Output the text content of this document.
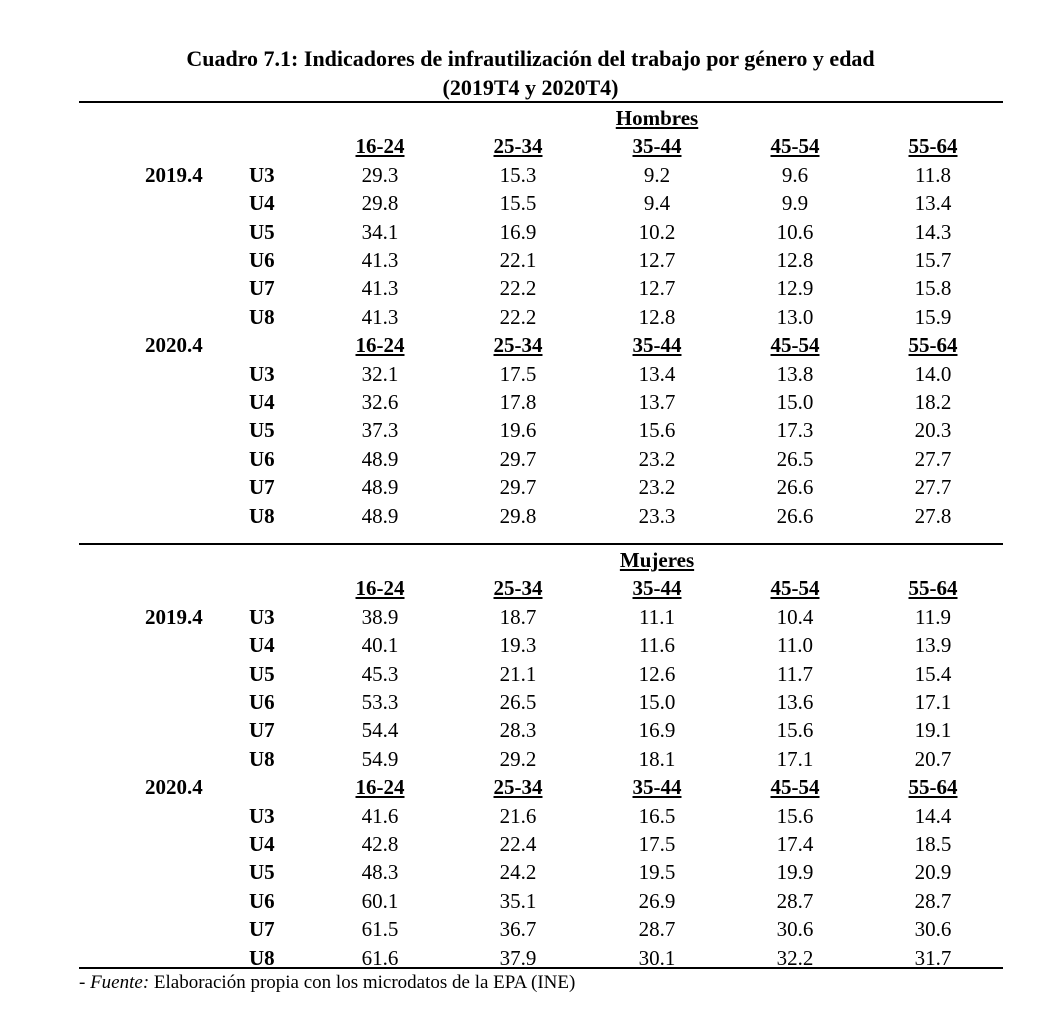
Cuadro 7.1: Indicadores de infrautilización del trabajo por género y edad
(2019T4 y 2020T4)
Hombres
16-24	25-34	35-44	45-54	55-64
2019.4 U3	29.3	15.3	9.2	9.6	11.8
U4	29.8	15.5	9.4	9.9	13.4
U5	34.1	16.9	10.2	10.6	14.3
U6	41.3	22.1	12.7	12.8	15.7
U7	41.3	22.2	12.7	12.9	15.8
U8	41.3	22.2	12.8	13.0	15.9
2020.4	16-24	25-34	35-44	45-54	55-64
U3	32.1	17.5	13.4	13.8	14.0
U4	32.6	17.8	13.7	15.0	18.2
U5	37.3	19.6	15.6	17.3	20.3
U6	48.9	29.7	23.2	26.5	27.7
U7	48.9	29.7	23.2	26.6	27.7
U8	48.9	29.8	23.3	26.6	27.8
Mujeres
16-24	25-34	35-44	45-54	55-64
2019.4 U3	38.9	18.7	11.1	10.4	11.9
U4	40.1	19.3	11.6	11.0	13.9
U5	45.3	21.1	12.6	11.7	15.4
U6	53.3	26.5	15.0	13.6	17.1
U7	54.4	28.3	16.9	15.6	19.1
U8	54.9	29.2	18.1	17.1	20.7
2020.4	16-24	25-34	35-44	45-54	55-64
U3	41.6	21.6	16.5	15.6	14.4
U4	42.8	22.4	17.5	17.4	18.5
U5	48.3	24.2	19.5	19.9	20.9
U6	60.1	35.1	26.9	28.7	28.7
U7	61.5	36.7	28.7	30.6	30.6
U8	61.6	37.9	30.1	32.2	31.7
- Fuente: Elaboración propia con los microdatos de la EPA (INE)
